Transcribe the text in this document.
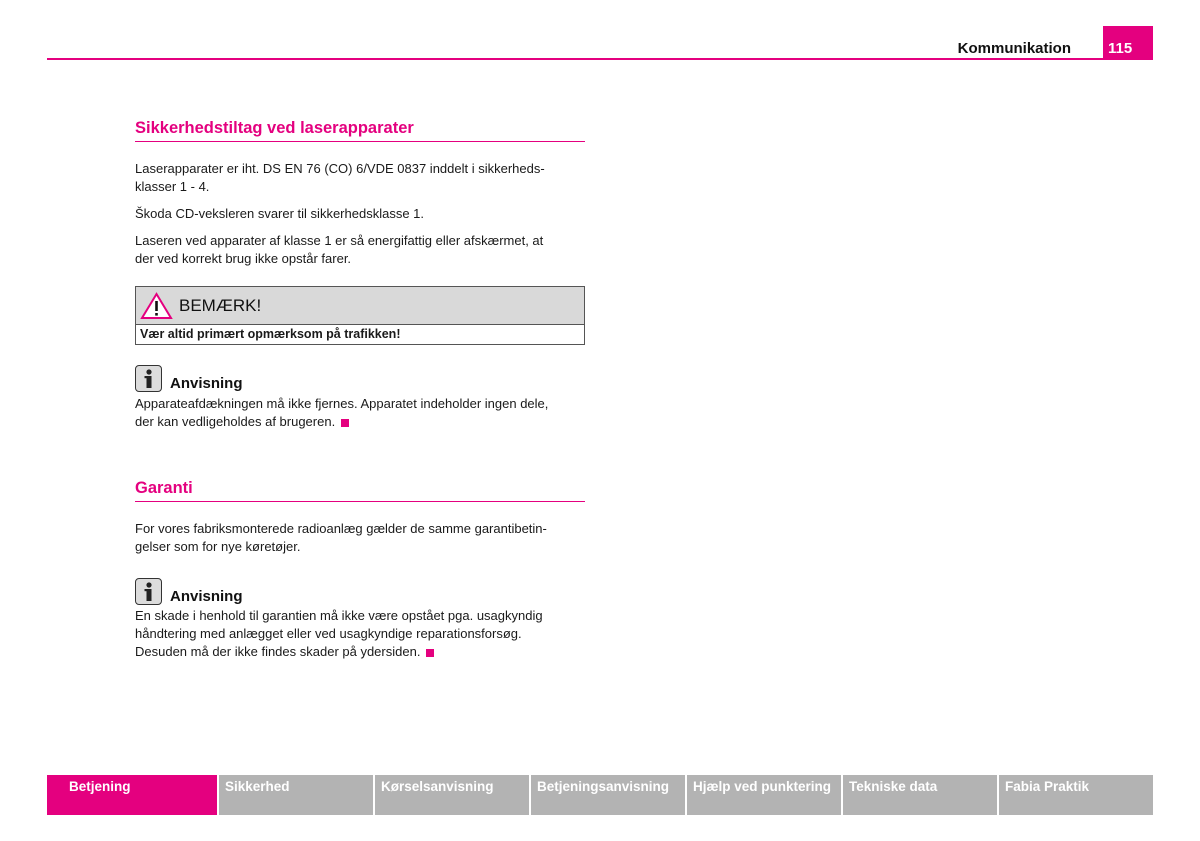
Kommunikation	115
Sikkerhedstiltag ved laserapparater

Laserapparater er iht. DS EN 76 (CO) 6/VDE 0837 inddelt i sikkerheds-
klasser 1 - 4.

Škoda CD-veksleren svarer til sikkerhedsklasse 1.

Laseren ved apparater af klasse 1 er så energifattig eller afskærmet, at
der ved korrekt brug ikke opstår farer.

BEMÆRK!
Vær altid primært opmærksom på trafikken!
Anvisning

Apparateafdækningen må ikke fjernes. Apparatet indeholder ingen dele,
der kan vedligeholdes af brugeren.

Garanti

For vores fabriksmonterede radioanlæg gælder de samme garantibetin-
gelser som for nye køretøjer.

Anvisning

En skade i henhold til garantien må ikke være opstået pga. usagkyndig
håndtering med anlægget eller ved usagkyndige reparationsforsøg.
Desuden må der ikke findes skader på ydersiden.

Betjening	Sikkerhed	Kørselsanvisning	Betjeningsanvisning	Hjælp ved punktering	Tekniske data	Fabia Praktik
